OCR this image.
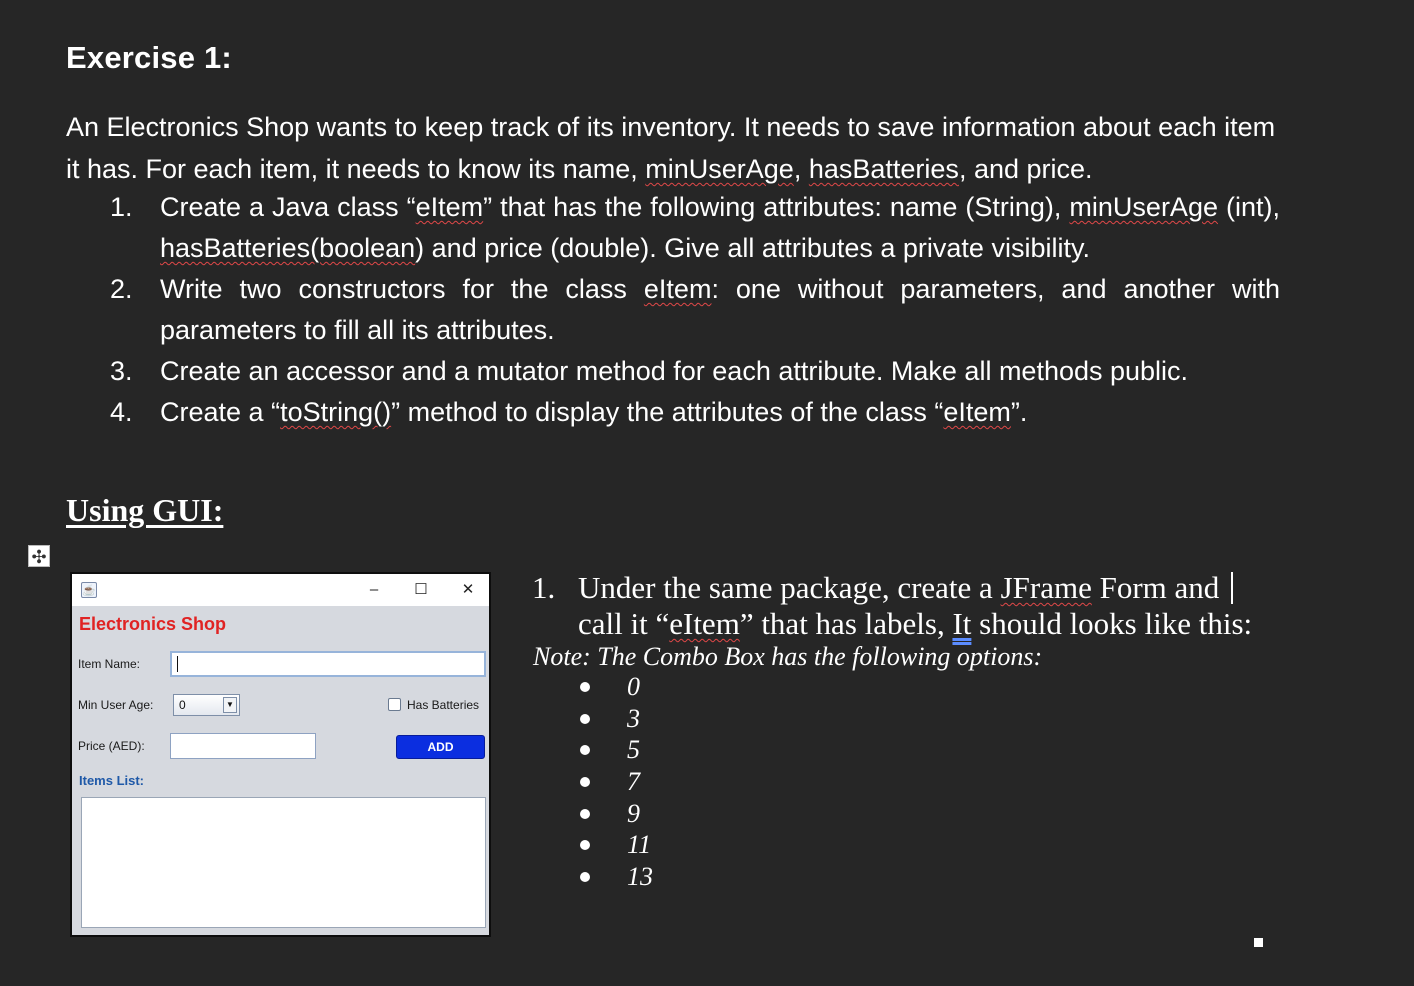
Exercise 1:

An Electronics Shop wants to keep track of its inventory. It needs to save information about each item it has. For each item, it needs to know its name, minUserAge, hasBatteries, and price.

1. Create a Java class “eItem” that has the following attributes: name (String), minUserAge (int), hasBatteries(boolean) and price (double). Give all attributes a private visibility.
2. Write two constructors for the class eItem: one without parameters, and another with parameters to fill all its attributes.
3. Create an accessor and a mutator method for each attribute. Make all methods public.
4. Create a “toString()” method to display the attributes of the class “eItem”.
Using GUI:
✣
☕	–	☐	✕
Electronics Shop
Item Name:
Min User Age: 0	▼	Has Batteries
Price (AED):	ADD
Items List:
1. Under the same package, create a JFrame Form and
call it “eItem” that has labels, It should looks like this:
Note: The Combo Box has the following options:
0
3
5
7
9
11
13
